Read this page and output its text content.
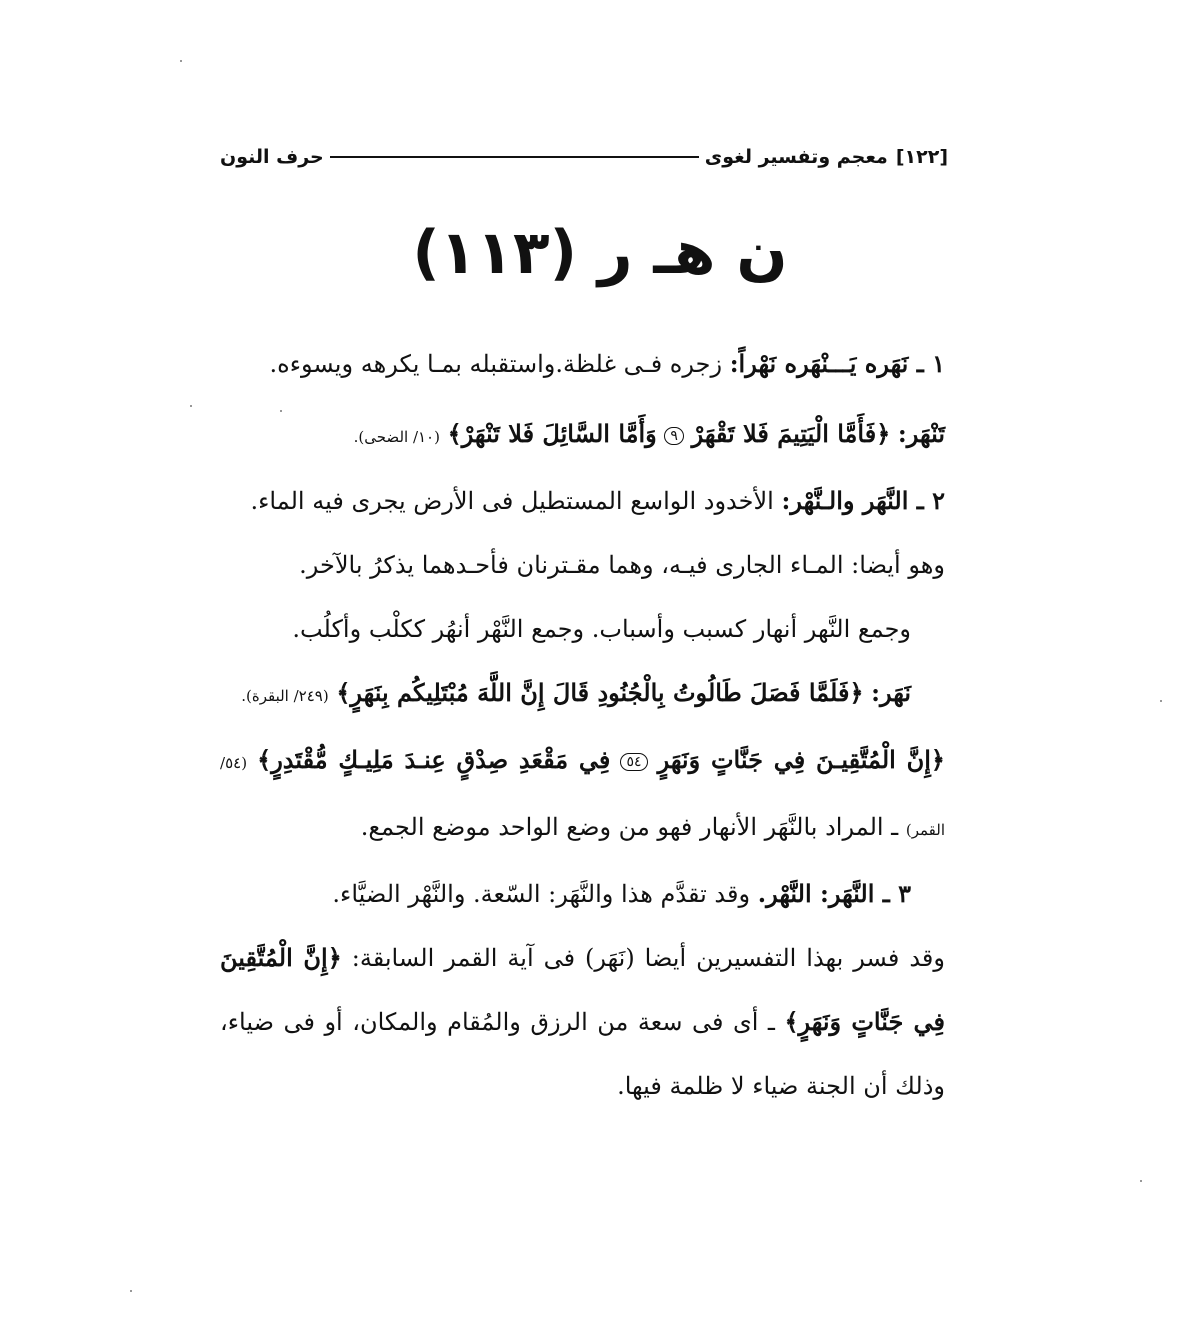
[١٢٢]
معجم وتفسير لغوى
حرف النون
ن هـ ر (١١٣)

١ ـ نَهَره يَـــنْهَره نَهْراً: زجره فـى غلظة.واستقبله بمـا يكرهه ويسوءه.

تَنْهَر: ﴿فَأَمَّا الْيَتِيمَ فَلا تَقْهَرْ ٩ وَأَمَّا السَّائِلَ فَلا تَنْهَرْ﴾ (١٠/ الضحى).

٢ ـ النَّهَر والـنَّهْر: الأخدود الواسع المستطيل فى الأرض يجرى فيه الماء.

وهو أيضا: المـاء الجارى فيـه، وهما مقـترنان فأحـدهما يذكرُ بالآخر.

وجمع النَّهر أنهار كسبب وأسباب. وجمع النَّهْر أنهُر ككلْب وأكلُب.

نَهَر: ﴿فَلَمَّا فَصَلَ طَالُوتُ بِالْجُنُودِ قَالَ إِنَّ اللَّهَ مُبْتَلِيكُم بِنَهَرٍ﴾ (٢٤٩/ البقرة).

﴿إِنَّ الْمُتَّقِيـنَ فِي جَنَّاتٍ وَنَهَرٍ ٥٤ فِي مَقْعَدِ صِدْقٍ عِنـدَ مَلِيـكٍ مُّقْتَدِرٍ﴾ (٥٤/ القمر) ـ المراد بالنَّهَر الأنهار فهو من وضع الواحد موضع الجمع.

٣ ـ النَّهَر: النَّهْر. وقد تقدَّم هذا والنَّهَر: السّعة. والنَّهْر الضيَّاء.

وقد فسر بهذا التفسيرين أيضا (نَهَر) فى آية القمر السابقة: ﴿إِنَّ الْمُتَّقِينَ فِي جَنَّاتٍ وَنَهَرٍ﴾ ـ أى فى سعة من الرزق والمُقام والمكان، أو فى ضياء، وذلك أن الجنة ضياء لا ظلمة فيها.
